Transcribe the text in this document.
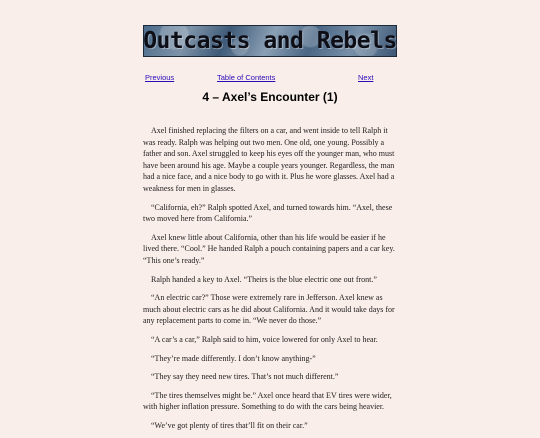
Outcasts and Rebels
Previous	Table of Contents	Next
4 – Axel’s Encounter (1)

Axel finished replacing the filters on a car, and went inside to tell Ralph it was ready. Ralph was helping out two men. One old, one young. Possibly a father and son. Axel struggled to keep his eyes off the younger man, who must have been around his age. Maybe a couple years younger. Regardless, the man had a nice face, and a nice body to go with it. Plus he wore glasses. Axel had a weakness for men in glasses.

“California, eh?” Ralph spotted Axel, and turned towards him. “Axel, these two moved here from California.”

Axel knew little about California, other than his life would be easier if he lived there. “Cool.” He handed Ralph a pouch containing papers and a car key. “This one’s ready.”

Ralph handed a key to Axel. “Theirs is the blue electric one out front.”

“An electric car?” Those were extremely rare in Jefferson. Axel knew as much about electric cars as he did about California. And it would take days for any replacement parts to come in. “We never do those.”

“A car’s a car,” Ralph said to him, voice lowered for only Axel to hear.

“They’re made differently. I don’t know anything-”

“They say they need new tires. That’s not much different.”

“The tires themselves might be.” Axel once heard that EV tires were wider, with higher inflation pressure. Something to do with the cars being heavier.

“We’ve got plenty of tires that’ll fit on their car.”
